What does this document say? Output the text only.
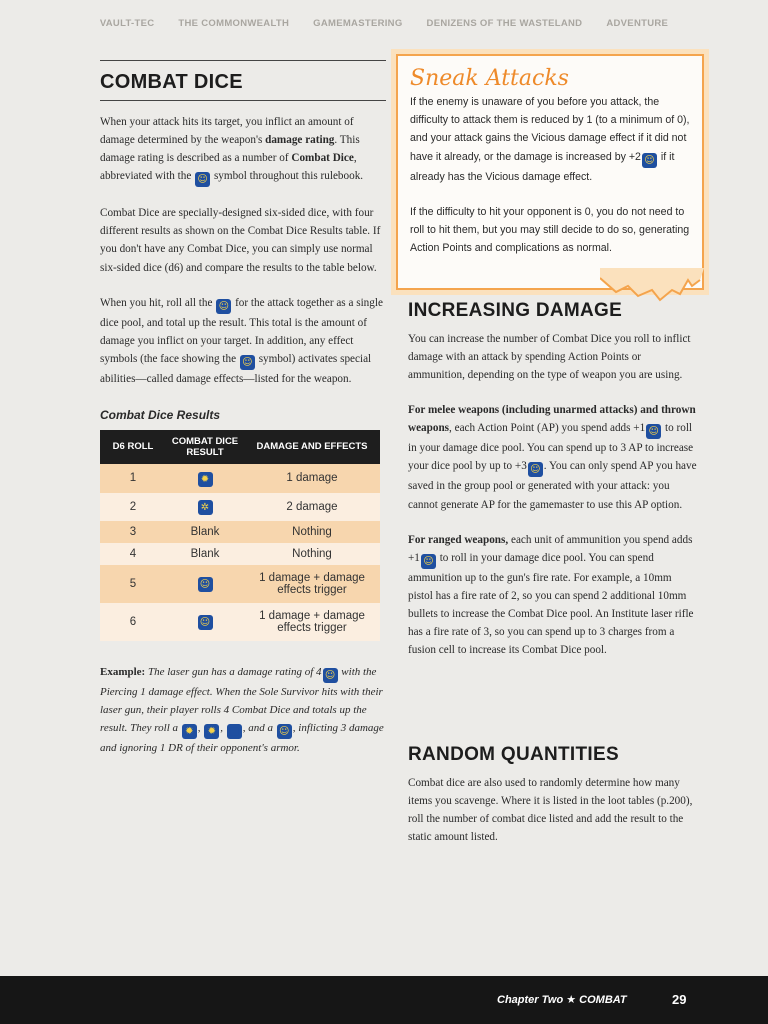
VAULT-TEC	THE COMMONWEALTH	GAMEMASTERING	DENIZENS OF THE WASTELAND	ADVENTURE
COMBAT DICE

When your attack hits its target, you inflict an amount of damage determined by the weapon's damage rating. This damage rating is described as a number of Combat Dice, abbreviated with the ☺ symbol throughout this rulebook.

Combat Dice are specially-designed six-sided dice, with four different results as shown on the Combat Dice Results table. If you don't have any Combat Dice, you can simply use normal six-sided dice (d6) and compare the results to the table below.

When you hit, roll all the ☺ for the attack together as a single dice pool, and total up the result. This total is the amount of damage you inflict on your target. In addition, any effect symbols (the face showing the ☺ symbol) activates special abilities—called damage effects—listed for the weapon.

Combat Dice Results
D6 ROLL	COMBAT DICE RESULT	DAMAGE AND EFFECTS
1	✹	1 damage
2	✲	2 damage
3	Blank	Nothing
4	Blank	Nothing
5	☺	1 damage + damage effects trigger
6	☺	1 damage + damage effects trigger

Example: The laser gun has a damage rating of 4 ☺ with the Piercing 1 damage effect. When the Sole Survivor hits with their laser gun, their player rolls 4 Combat Dice and totals up the result. They roll a ✹ , ✹ , ■ , and a ☺ , inflicting 3 damage and ignoring 1 DR of their opponent's armor.

Sneak Attacks

If the enemy is unaware of you before you attack, the difficulty to attack them is reduced by 1 (to a minimum of 0), and your attack gains the Vicious damage effect if it did not have it already, or the damage is increased by +2 ☺ if it already has the Vicious damage effect.

If the difficulty to hit your opponent is 0, you do not need to roll to hit them, but you may still decide to do so, generating Action Points and complications as normal.

INCREASING DAMAGE

You can increase the number of Combat Dice you roll to inflict damage with an attack by spending Action Points or ammunition, depending on the type of weapon you are using.

For melee weapons (including unarmed attacks) and thrown weapons, each Action Point (AP) you spend adds +1 ☺ to roll in your damage dice pool. You can spend up to 3 AP to increase your dice pool by up to +3 ☺ . You can only spend AP you have saved in the group pool or generated with your attack: you cannot generate AP for the gamemaster to use this AP option.

For ranged weapons, each unit of ammunition you spend adds +1 ☺ to roll in your damage dice pool. You can spend ammunition up to the gun's fire rate. For example, a 10mm pistol has a fire rate of 2, so you can spend 2 additional 10mm bullets to increase the Combat Dice pool. An Institute laser rifle has a fire rate of 3, so you can spend up to 3 charges from a fusion cell to increase its Combat Dice pool.

RANDOM QUANTITIES

Combat dice are also used to randomly determine how many items you scavenge. Where it is listed in the loot tables (p.200), roll the number of combat dice listed and add the result to the static amount listed.

Chapter Two ★ COMBAT	29
